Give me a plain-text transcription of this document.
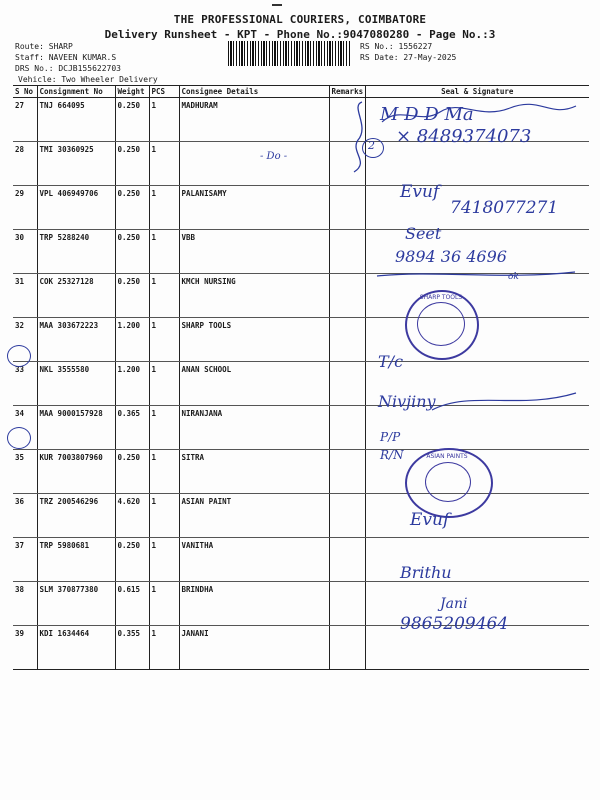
THE PROFESSIONAL COURIERS, COIMBATORE
Delivery Runsheet - KPT - Phone No.:9047080280 - Page No.:3
Route: SHARP
Staff: NAVEEN KUMAR.S
DRS No.: DCJB155622703
Vehicle: Two Wheeler Delivery
RS No.: 1556227
RS Date: 27-May-2025
S No	Consignment No	Weight	PCS	Consignee Details	Remarks	Seal & Signature
27	TNJ 664095	0.250	1	MADHURAM		
28	TMI 30360925	0.250	1			
29	VPL 406949706	0.250	1	PALANISAMY		
30	TRP 5288240	0.250	1	VBB		
31	COK 25327128	0.250	1	KMCH NURSING		
32	MAA 303672223	1.200	1	SHARP TOOLS		
33	NKL 3555580	1.200	1	ANAN SCHOOL		
34	MAA 9000157928	0.365	1	NIRANJANA		
35	KUR 7003807960	0.250	1	SITRA		
36	TRZ 200546296	4.620	1	ASIAN PAINT		
37	TRP 5980681	0.250	1	VANITHA		
38	SLM 370877380	0.615	1	BRINDHA		
39	KDI 1634464	0.355	1	JANANI		
M D D Ma
× 8489374073
- Do -
2
Evuf
7418077271
Seet
9894 36 4696
ok
SHARP TOOLS
T/c
Nivjiny
P/P
R/N	ASIAN PAINTS
Evuf
Brithu
Jani
9865209464
